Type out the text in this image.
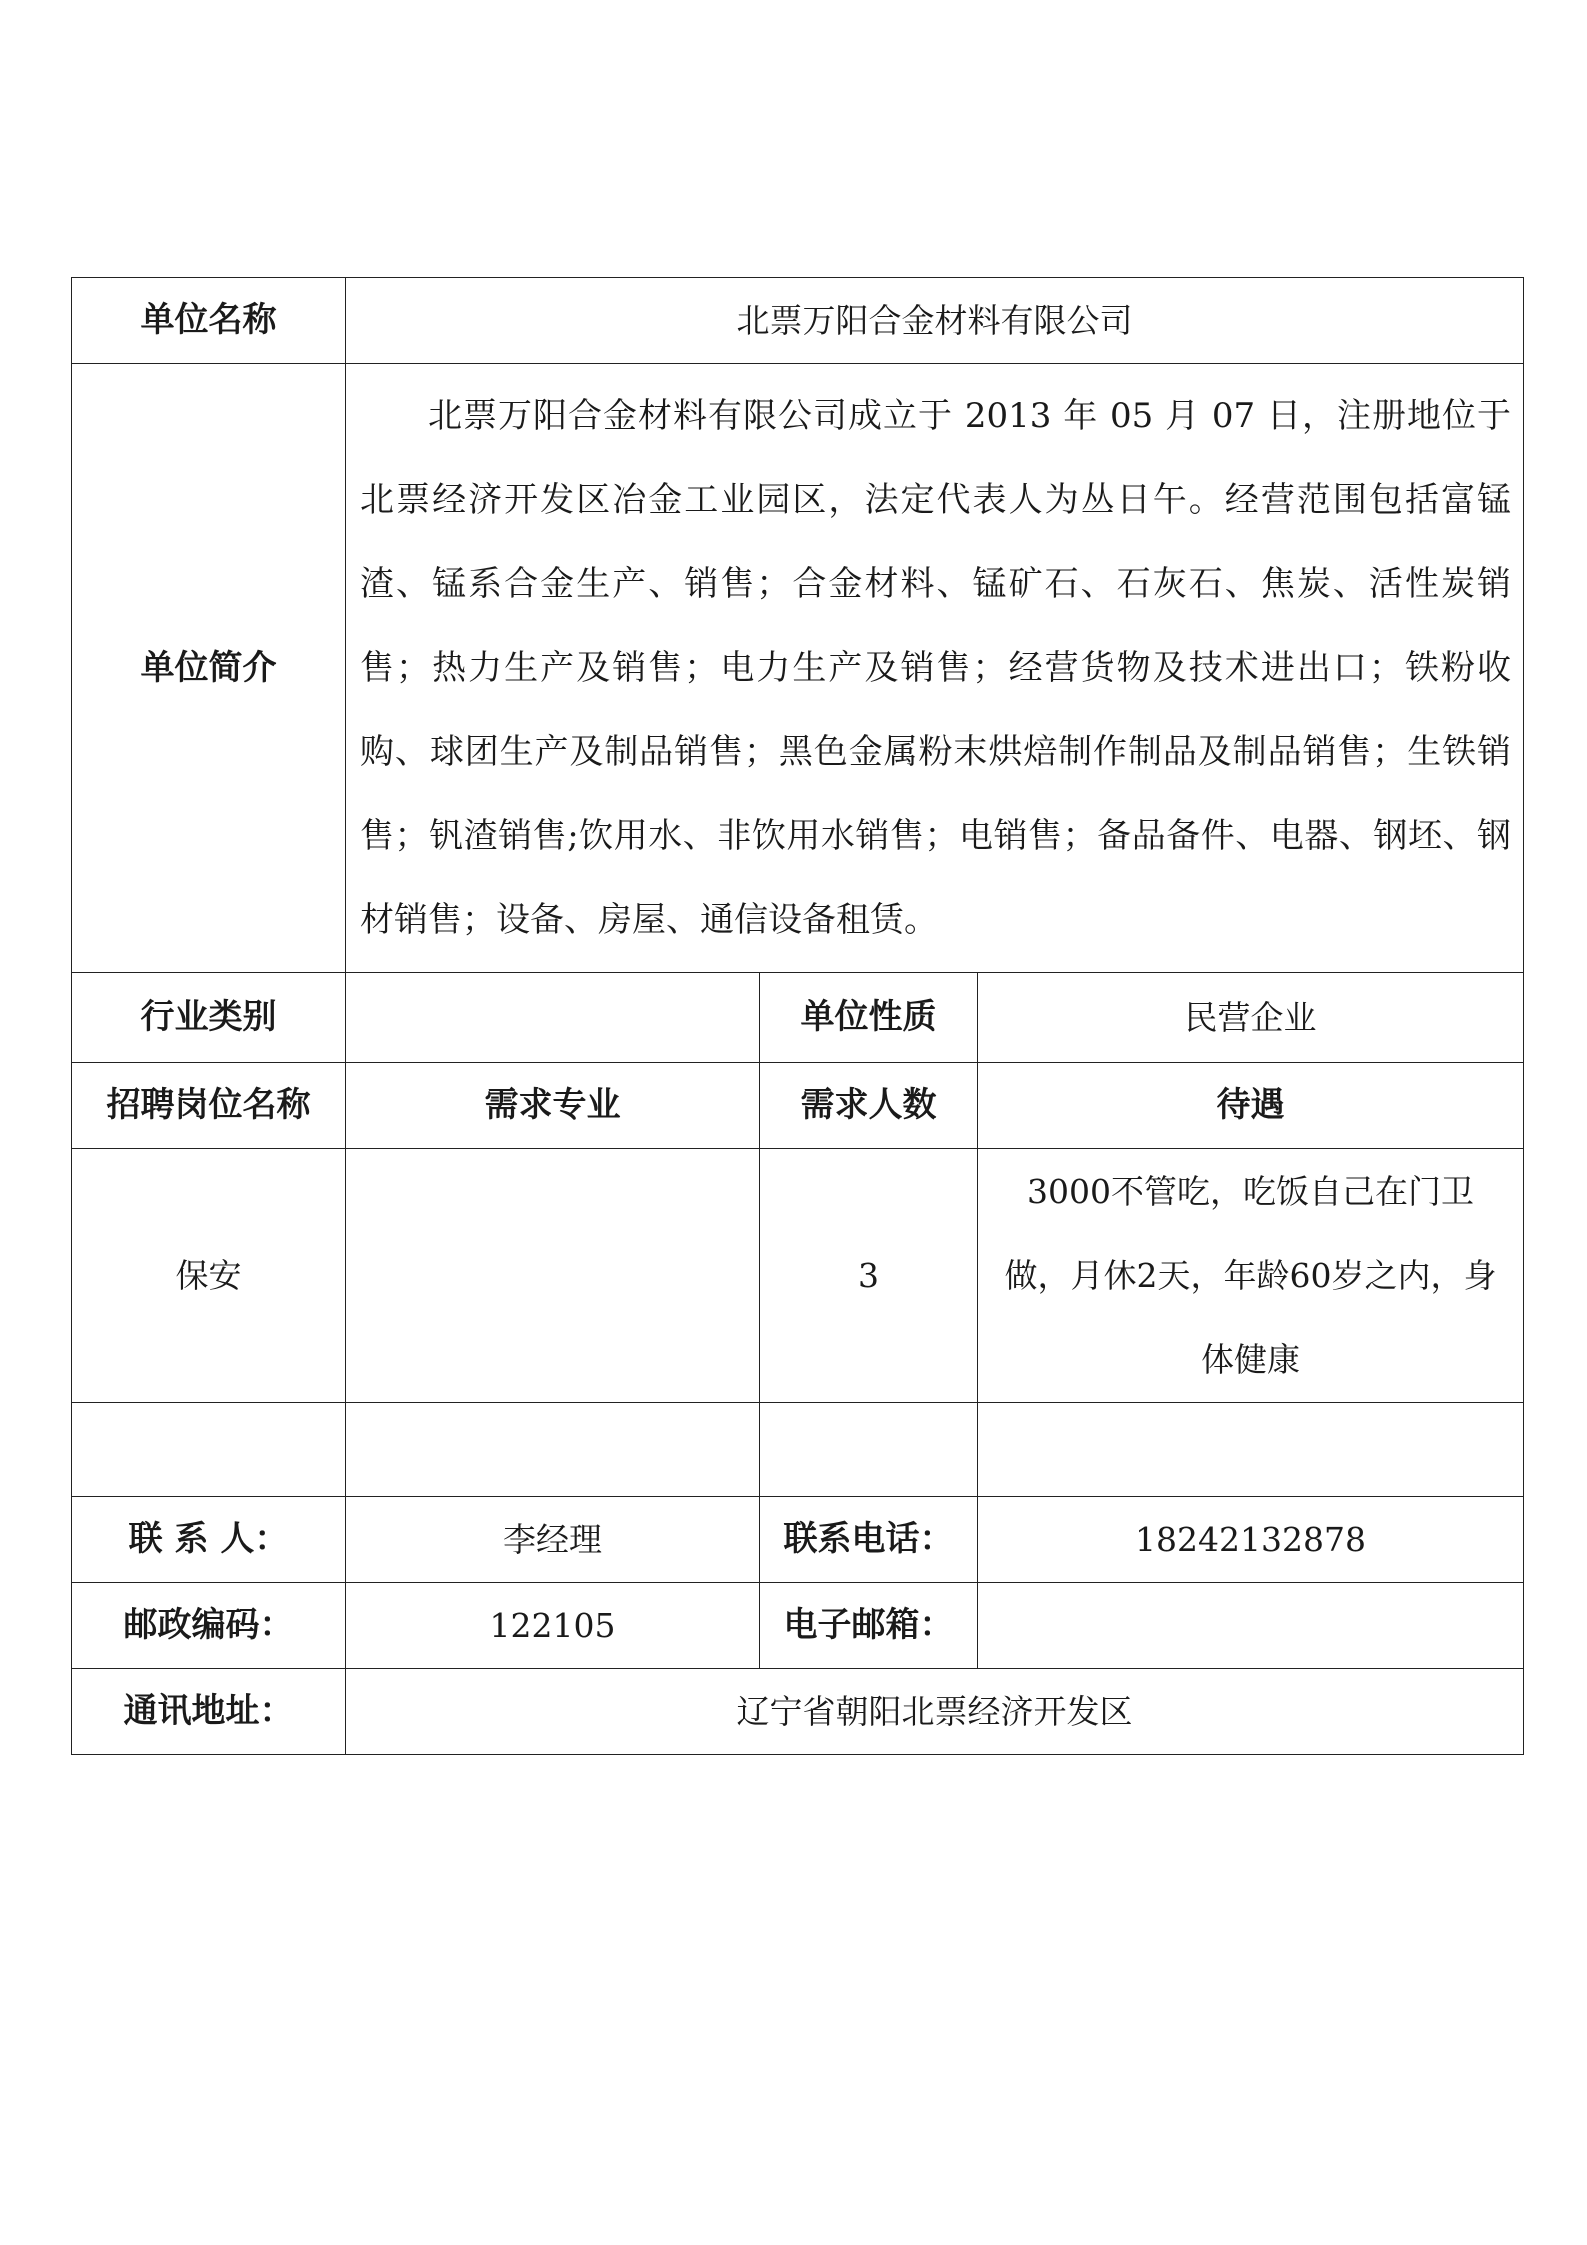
单位名称	北票万阳合金材料有限公司		
单位简介	北票万阳合金材料有限公司成立于 2013 年 05 月 07 日，注册地位于北票经济开发区冶金工业园区，法定代表人为丛日午。经营范围包括富锰渣、锰系合金生产、销售；合金材料、锰矿石、石灰石、焦炭、活性炭销售；热力生产及销售；电力生产及销售；经营货物及技术进出口；铁粉收购、球团生产及制品销售；黑色金属粉末烘焙制作制品及制品销售；生铁销售；钒渣销售;饮用水、非饮用水销售；电销售；备品备件、电器、钢坯、钢材销售；设备、房屋、通信设备租赁。		
行业类别		单位性质	民营企业
招聘岗位名称	需求专业	需求人数	待遇
保安		3	3000不管吃，吃饭自己在门卫做，月休2天，年龄60岁之内，身体健康

联 系 人：	李经理	联系电话：	18242132878
邮政编码：	122105	电子邮箱：	
通讯地址：	辽宁省朝阳北票经济开发区		
